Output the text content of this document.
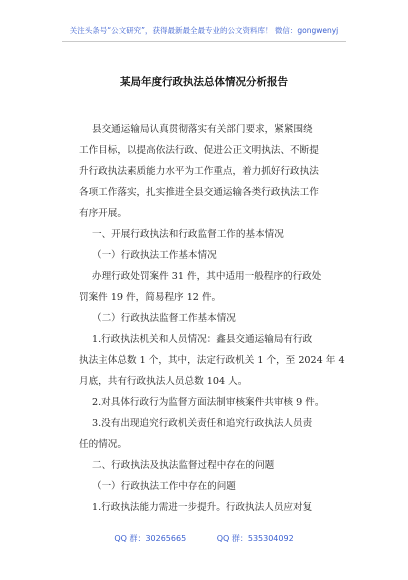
关注头条号“公文研究”，获得最新最全最专业的公文资料库！ 微信：gongwenyj
某局年度行政执法总体情况分析报告
县交通运输局认真贯彻落实有关部门要求，紧紧围绕
工作目标，以提高依法行政、促进公正文明执法、不断提
升行政执法素质能力水平为工作重点，着力抓好行政执法
各项工作落实，扎实推进全县交通运输各类行政执法工作
有序开展。
一、开展行政执法和行政监督工作的基本情况
（一）行政执法工作基本情况
办理行政处罚案件 31 件，其中适用一般程序的行政处
罚案件 19 件，简易程序 12 件。
（二）行政执法监督工作基本情况
1.行政执法机关和人员情况：鑫县交通运输局有行政
执法主体总数 1 个，其中，法定行政机关 1 个，至 2024 年 4
月底，共有行政执法人员总数 104 人。
2.对具体行政行为监督方面法制审核案件共审核 9 件。
3.没有出现追究行政机关责任和追究行政执法人员责
任的情况。
二、行政执法及执法监督过程中存在的问题
（一）行政执法工作中存在的问题
1.行政执法能力需进一步提升。行政执法人员应对复
QQ 群：30265665	QQ 群：535304092
